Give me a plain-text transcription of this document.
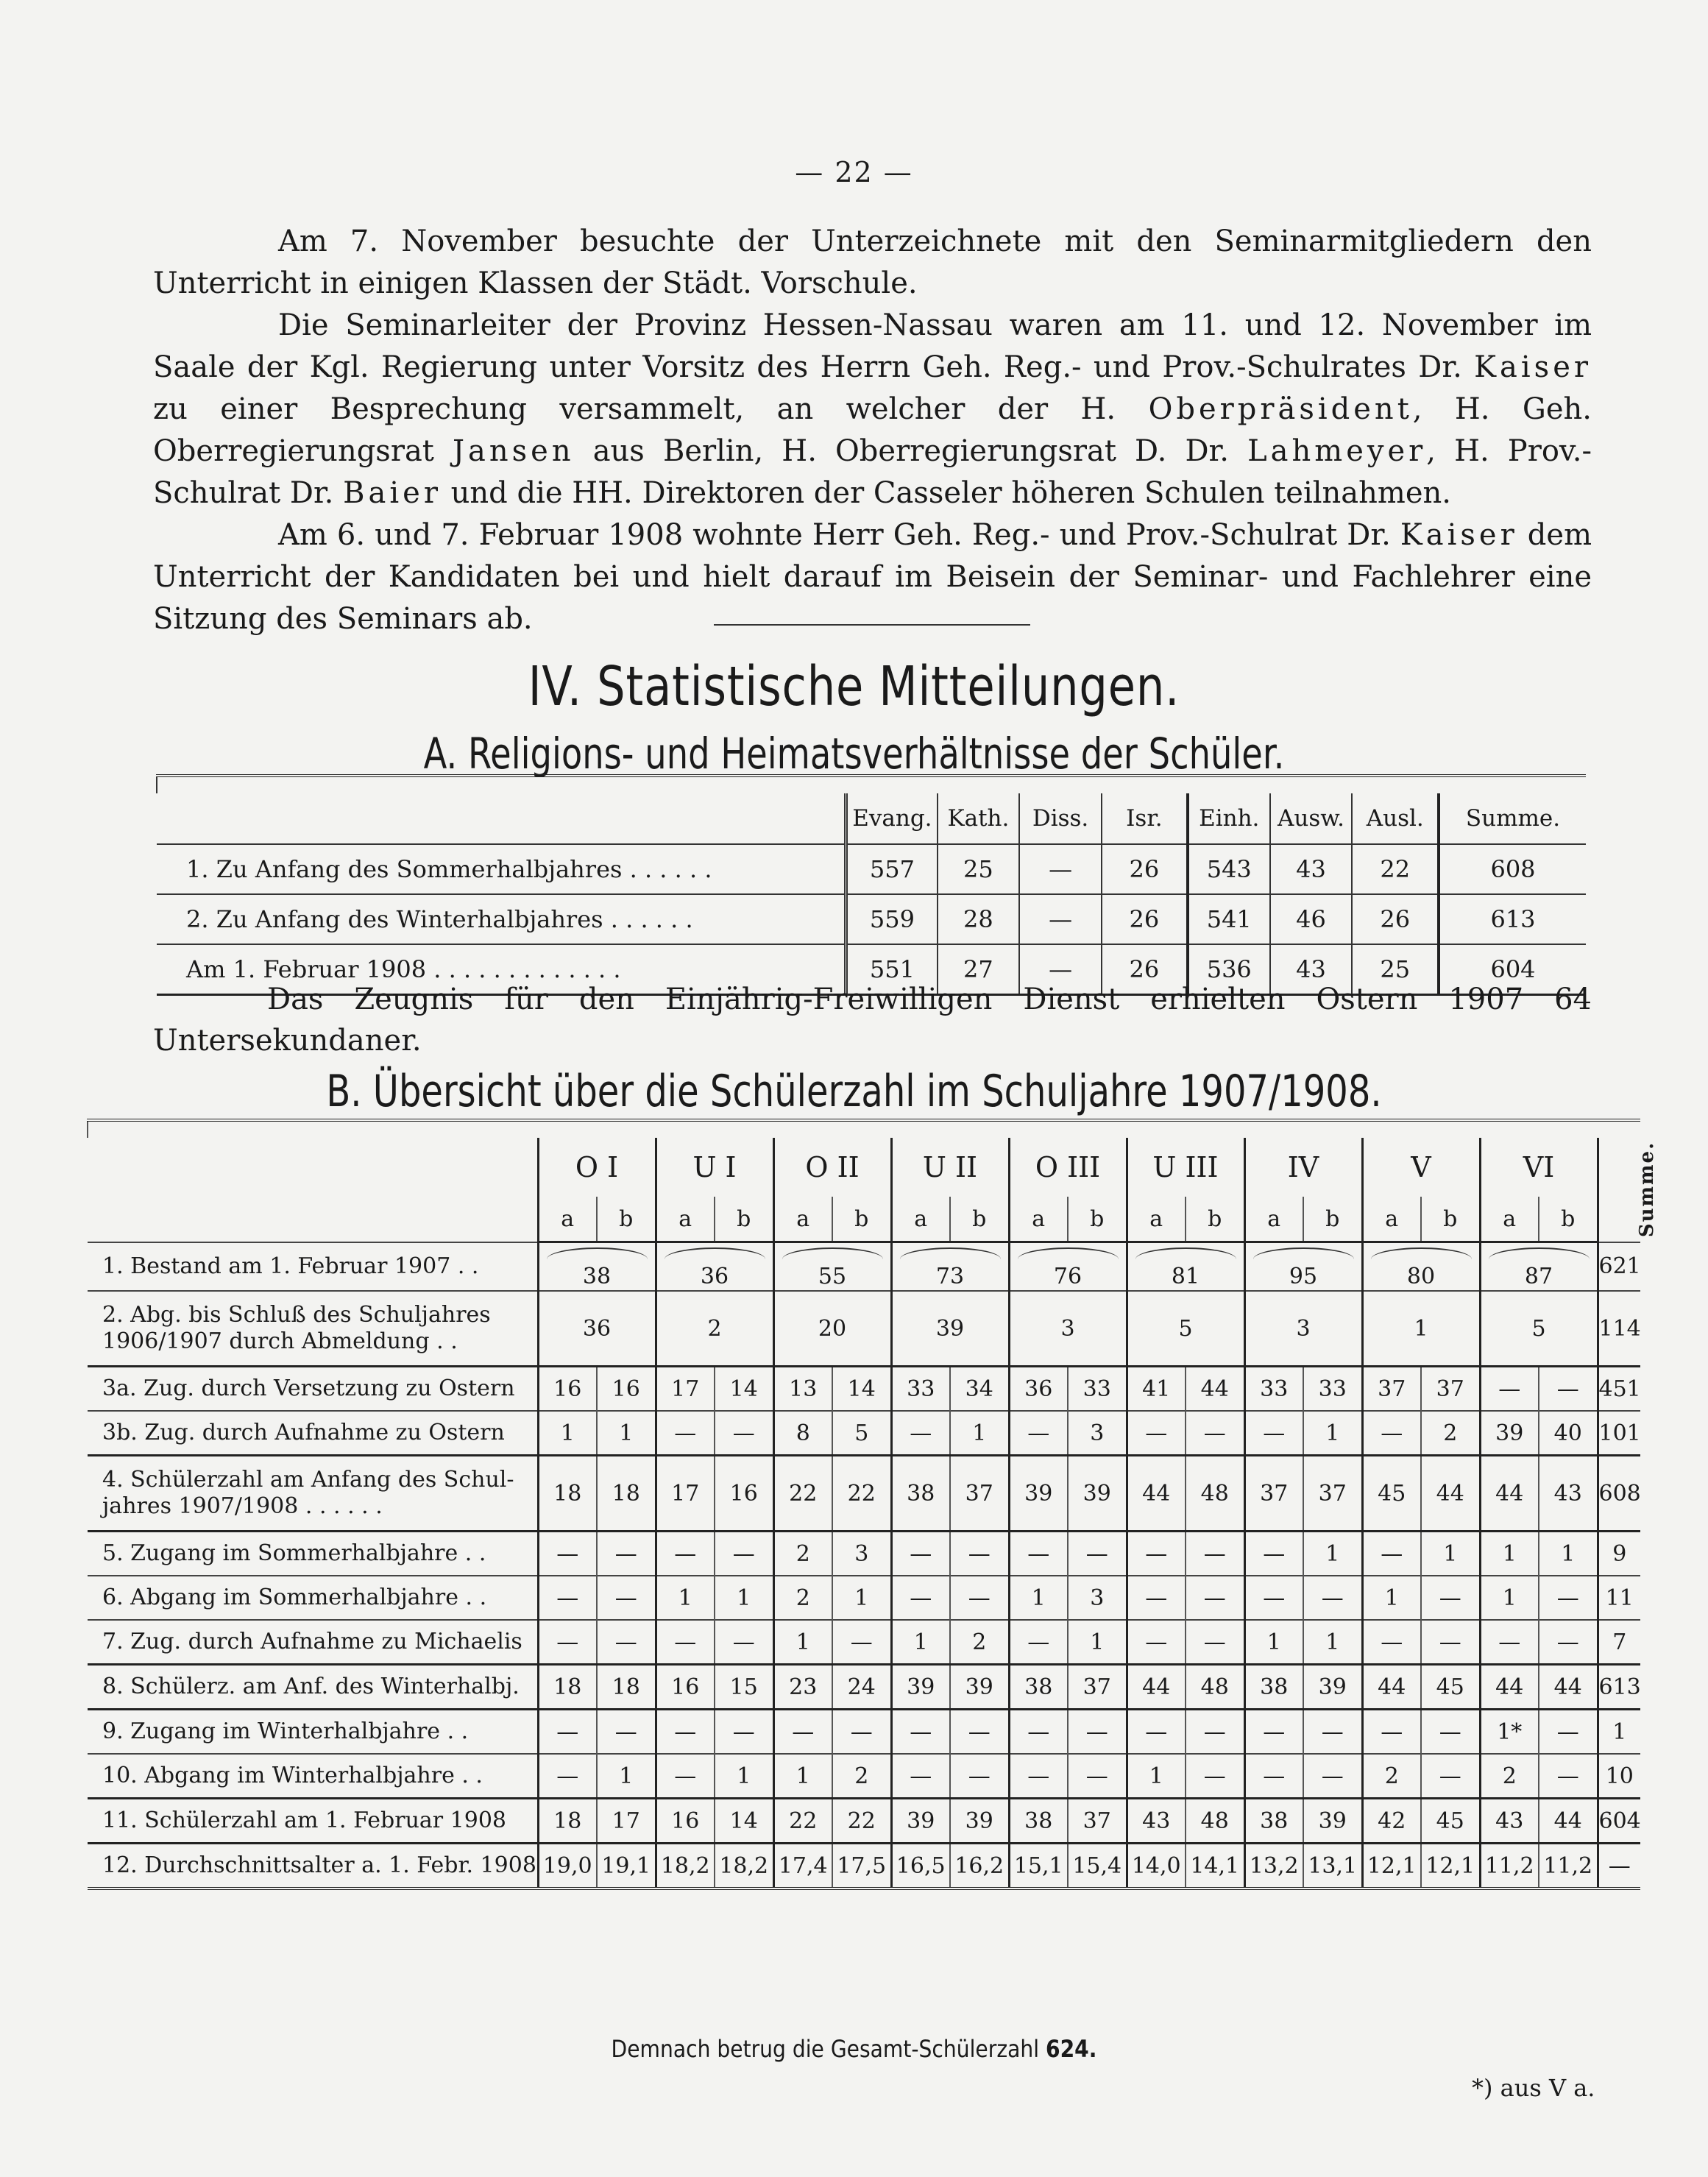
— 22 —

Am 7. November besuchte der Unterzeichnete mit den Seminarmitgliedern den Unterricht in einigen Klassen der Städt. Vorschule.

Die Seminarleiter der Provinz Hessen-Nassau waren am 11. und 12. November im Saale der Kgl. Regierung unter Vorsitz des Herrn Geh. Reg.- und Prov.-Schulrates Dr. Kaiser zu einer Besprechung versammelt, an welcher der H. Oberpräsident, H. Geh. Oberregierungsrat Jansen aus Berlin, H. Oberregierungsrat D. Dr. Lahmeyer, H. Prov.-Schulrat Dr. Baier und die HH. Direktoren der Casseler höheren Schulen teilnahmen.

Am 6. und 7. Februar 1908 wohnte Herr Geh. Reg.- und Prov.-Schulrat Dr. Kaiser dem Unterricht der Kandidaten bei und hielt darauf im Beisein der Seminar- und Fachlehrer eine Sitzung des Seminars ab.

IV. Statistische Mitteilungen.
A. Religions- und Heimatsverhältnisse der Schüler.

	Evang.	Kath.	Diss.	Isr.	Einh.	Ausw.	Ausl.	Summe.
1. Zu Anfang des Sommerhalbjahres . . . . . .	557	25	—	26	543	43	22	608
2. Zu Anfang des Winterhalbjahres . . . . . .	559	28	—	26	541	46	26	613
Am 1. Februar 1908 . . . . . . . . . . . . .	551	27	—	26	536	43	25	604

Das Zeugnis für den Einjährig-Freiwilligen Dienst erhielten Ostern 1907 64 Untersekundaner.

B. Übersicht über die Schülerzahl im Schuljahre 1907/1908.

	O I		U I		O II		U II		O III		U III		IV		V		VI		Summe.
	a	b	a	b	a	b	a	b	a	b	a	b	a	b	a	b	a	b	

1. Bestand am 1. Februar 1907 . .	38		36		55		73		76		81		95		80		87		621

2. Abg. bis Schluß des Schuljahres
1906/1907 durch Abmeldung . .	36		2		20		39		3		5		3		1		5		114

3a. Zug. durch Versetzung zu Ostern	16	16	17	14	13	14	33	34	36	33	41	44	33	33	37	37	—	—	451

3b. Zug. durch Aufnahme zu Ostern	1	1	—	—	8	5	—	1	—	3	—	—	—	1	—	2	39	40	101

4. Schülerzahl am Anfang des Schul-
jahres 1907/1908 . . . . . .	18	18	17	16	22	22	38	37	39	39	44	48	37	37	45	44	44	43	608

5. Zugang im Sommerhalbjahre . .	—	—	—	—	2	3	—	—	—	—	—	—	—	1	—	1	1	1	9

6. Abgang im Sommerhalbjahre . .	—	—	1	1	2	1	—	—	1	3	—	—	—	—	1	—	1	—	11

7. Zug. durch Aufnahme zu Michaelis	—	—	—	—	1	—	1	2	—	1	—	—	1	1	—	—	—	—	7

8. Schülerz. am Anf. des Winterhalbj.	18	18	16	15	23	24	39	39	38	37	44	48	38	39	44	45	44	44	613

9. Zugang im Winterhalbjahre . .	—	—	—	—	—	—	—	—	—	—	—	—	—	—	—	—	1*	—	1

10. Abgang im Winterhalbjahre . .	—	1	—	1	1	2	—	—	—	—	1	—	—	—	2	—	2	—	10

11. Schülerzahl am 1. Februar 1908	18	17	16	14	22	22	39	39	38	37	43	48	38	39	42	45	43	44	604

12. Durchschnittsalter a. 1. Febr. 1908	19,0	19,1	18,2	18,2	17,4	17,5	16,5	16,2	15,1	15,4	14,0	14,1	13,2	13,1	12,1	12,1	11,2	11,2	—
Demnach betrug die Gesamt-Schülerzahl 624.
*) aus V a.
